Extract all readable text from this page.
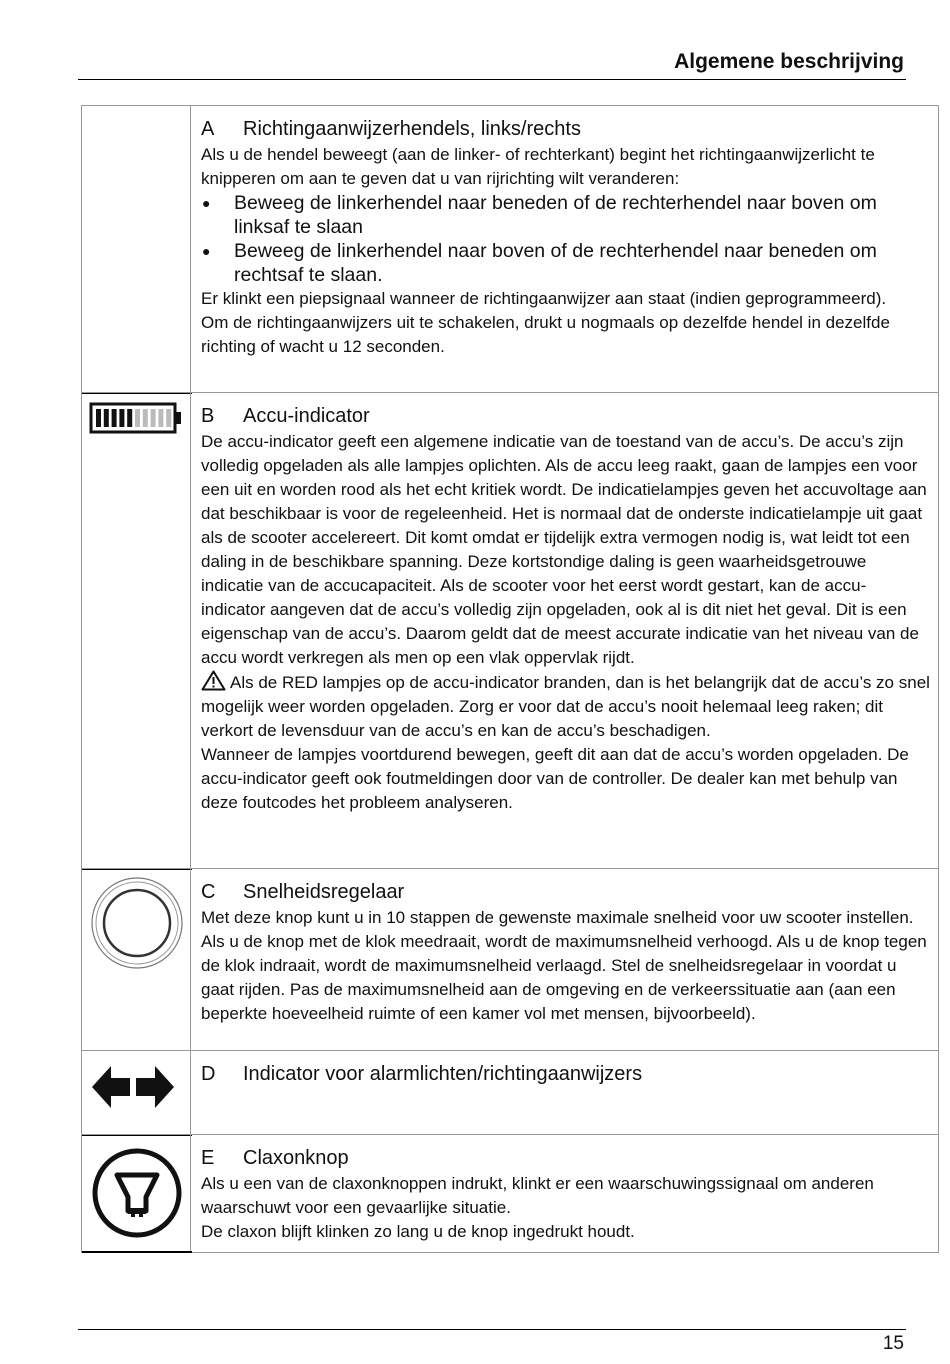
Algemene beschrijving
A Richtingaanwijzerhendels, links/rechts

Als u de hendel beweegt (aan de linker- of rechterkant) begint het richtingaanwijzerlicht te knipperen om aan te geven dat u van rijrichting wilt veranderen:

● Beweeg de linkerhendel naar beneden of de rechterhendel naar boven om linksaf te slaan
● Beweeg de linkerhendel naar boven of de rechterhendel naar beneden om rechtsaf te slaan.

Er klinkt een piepsignaal wanneer de richtingaanwijzer aan staat (indien geprogrammeerd).

Om de richtingaanwijzers uit te schakelen, drukt u nogmaals op dezelfde hendel in dezelfde richting of wacht u 12 seconden.

B Accu-indicator

De accu-indicator geeft een algemene indicatie van de toestand van de accu’s. De accu’s zijn volledig opgeladen als alle lampjes oplichten. Als de accu leeg raakt, gaan de lampjes een voor een uit en worden rood als het echt kritiek wordt. De indicatielampjes geven het accuvoltage aan dat beschikbaar is voor de regeleenheid. Het is normaal dat de onderste indicatielampje uit gaat als de scooter accelereert. Dit komt omdat er tijdelijk extra vermogen nodig is, wat leidt tot een daling in de beschikbare spanning. Deze kortstondige daling is geen waarheidsgetrouwe indicatie van de accucapaciteit. Als de scooter voor het eerst wordt gestart, kan de accu-indicator aangeven dat de accu’s volledig zijn opgeladen, ook al is dit niet het geval. Dit is een eigenschap van de accu’s. Daarom geldt dat de meest accurate indicatie van het niveau van de accu wordt verkregen als men op een vlak oppervlak rijdt.

Als de RED lampjes op de accu-indicator branden, dan is het belangrijk dat de accu’s zo snel mogelijk weer worden opgeladen. Zorg er voor dat de accu’s nooit helemaal leeg raken; dit verkort de levensduur van de accu’s en kan de accu’s beschadigen.

Wanneer de lampjes voortdurend bewegen, geeft dit aan dat de accu’s worden opgeladen. De accu-indicator geeft ook foutmeldingen door van de controller. De dealer kan met behulp van deze foutcodes het probleem analyseren.

C Snelheidsregelaar

Met deze knop kunt u in 10 stappen de gewenste maximale snelheid voor uw scooter instellen. Als u de knop met de klok meedraait, wordt de maximumsnelheid verhoogd. Als u de knop tegen de klok indraait, wordt de maximumsnelheid verlaagd. Stel de snelheidsregelaar in voordat u gaat rijden. Pas de maximumsnelheid aan de omgeving en de verkeerssituatie aan (aan een beperkte hoeveelheid ruimte of een kamer vol met mensen, bijvoorbeeld).

D Indicator voor alarmlichten/richtingaanwijzers
E Claxonknop

Als u een van de claxonknoppen indrukt, klinkt er een waarschuwingssignaal om anderen waarschuwt voor een gevaarlijke situatie.

De claxon blijft klinken zo lang u de knop ingedrukt houdt.

15
